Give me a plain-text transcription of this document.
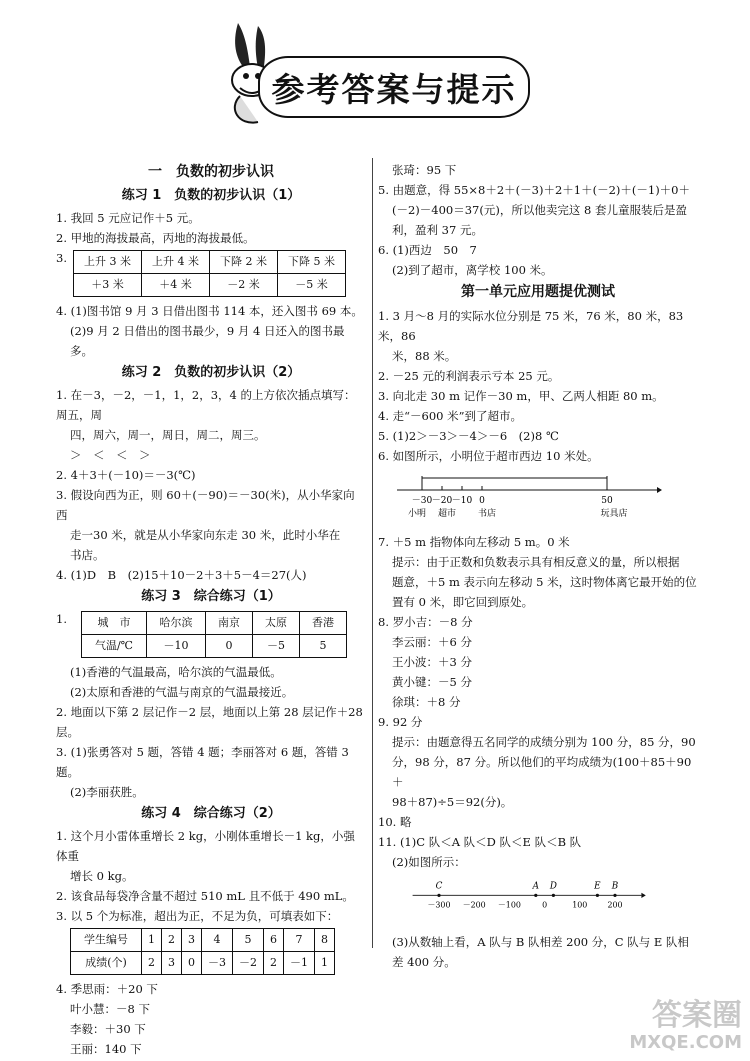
参考答案与提示
一　负数的初步认识
练习 1　负数的初步认识（1）

1. 我回 5 元应记作＋5 元。

2. 甲地的海拔最高，丙地的海拔最低。

3. 上升 3 米	上升 4 米	下降 2 米	下降 5 米
＋3 米	＋4 米	－2 米	－5 米

4. (1)图书馆 9 月 3 日借出图书 114 本，还入图书 69 本。

(2)9 月 2 日借出的图书最少，9 月 4 日还入的图书最多。

练习 2　负数的初步认识（2）

1. 在－3，－2，－1，1，2，3，4 的上方依次插点填写：周五，周

四，周六，周一，周日，周二，周三。

＞　＜　＜　＞

2. 4＋3＋(－10)＝－3(℃)

3. 假设向西为正，则 60＋(－90)＝－30(米)，从小华家向西

走一30 米，就是从小华家向东走 30 米，此时小华在

书店。

4. (1)D　B　(2)15＋10－2＋3＋5－4＝27(人)

练习 3　综合练习（1）
1.	城　市	哈尔滨	南京	太原	香港
气温/℃	－10	0	－5	5

(1)香港的气温最高，哈尔滨的气温最低。

(2)太原和香港的气温与南京的气温最接近。

2. 地面以下第 2 层记作－2 层，地面以上第 28 层记作＋28 层。

3. (1)张勇答对 5 题，答错 4 题；李丽答对 6 题，答错 3 题。

(2)李丽获胜。

练习 4　综合练习（2）

1. 这个月小雷体重增长 2 kg，小刚体重增长－1 kg，小强体重

增长 0 kg。

2. 该食品每袋净含量不超过 510 mL 且不低于 490 mL。

3. 以 5 个为标准，超出为正，不足为负，可填表如下：

学生编号	1	2	3	4	5	6	7	8
成绩(个)	2	3	0	－3	－2	2	－1	1

4. 季思雨：＋20 下

叶小慧：－8 下

李毅：＋30 下

王丽：140 下

张琦：95 下

5. 由题意，得 55×8＋2＋(－3)＋2＋1＋(－2)＋(－1)＋0＋

(－2)－400＝37(元)，所以他卖完这 8 套儿童服装后是盈

利，盈利 37 元。

6. (1)西边　50　7

(2)到了超市，离学校 100 米。

第一单元应用题提优测试

1. 3 月～8 月的实际水位分别是 75 米，76 米，80 米，83 米，86

米，88 米。

2. －25 元的利润表示亏本 25 元。

3. 向北走 30 m 记作－30 m，甲、乙两人相距 80 m。

4. 走“－600 米”到了超市。

5. (1)2＞－3＞－4＞－6　(2)8 ℃

6. 如图所示，小明位于超市西边 10 米处。

－30 －20 －10 0	50
小明 超市 书店	玩具店

7. ＋5 m 指物体向左移动 5 m。0 米

提示：由于正数和负数表示具有相反意义的量，所以根据

题意，＋5 m 表示向左移动 5 米，这时物体离它最开始的位

置有 0 米，即它回到原处。

8. 罗小吉：－8 分

李云丽：＋6 分

王小波：＋3 分

黄小键：－5 分

徐琪：＋8 分

9. 92 分

提示：由题意得五名同学的成绩分别为 100 分，85 分，90

分，98 分，87 分。所以他们的平均成绩为(100＋85＋90＋

98＋87)÷5＝92(分)。

10. 略

11. (1)C 队＜A 队＜D 队＜E 队＜B 队

(2)如图所示：

C	A D	E B
－300 －200 －100 0	100 200

(3)从数轴上看，A 队与 B 队相差 200 分，C 队与 E 队相

差 400 分。

答案圈
MXQE.COM
